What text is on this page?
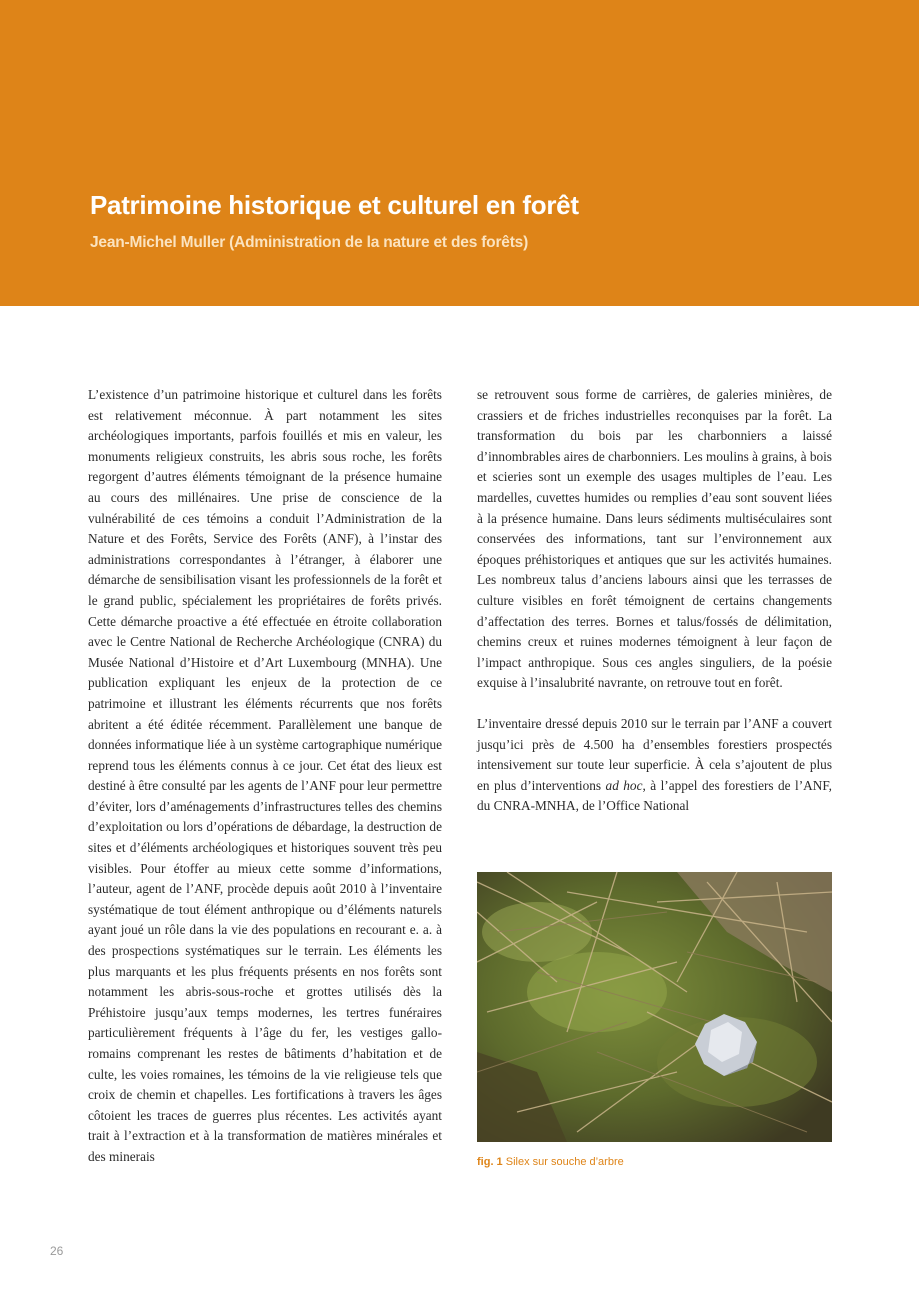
Patrimoine historique et culturel en forêt

Jean-Michel Muller (Administration de la nature et des forêts)

L’existence d’un patrimoine historique et culturel dans les forêts est relativement méconnue. À part notamment les sites archéologiques importants, parfois fouillés et mis en valeur, les monuments religieux construits, les abris sous roche, les forêts regorgent d’autres éléments témoignant de la présence humaine au cours des millénaires. Une prise de conscience de la vulnérabilité de ces témoins a conduit l’Administration de la Nature et des Forêts, Service des Forêts (ANF), à l’instar des administrations correspondantes à l’étranger, à élaborer une démarche de sensibilisation visant les professionnels de la forêt et le grand public, spécialement les propriétaires de forêts privés. Cette démarche proactive a été effectuée en étroite collaboration avec le Centre National de Recherche Archéologique (CNRA) du Musée National d’Histoire et d’Art Luxembourg (MNHA). Une publication expliquant les enjeux de la protection de ce patrimoine et illustrant les éléments récurrents que nos forêts abritent a été éditée récemment. Parallèlement une banque de données informatique liée à un système cartographique numérique reprend tous les éléments connus à ce jour. Cet état des lieux est destiné à être consulté par les agents de l’ANF pour leur permettre d’éviter, lors d’aménagements d’infrastructures telles des chemins d’exploitation ou lors d’opérations de débardage, la destruction de sites et d’éléments archéologiques et historiques souvent très peu visibles. Pour étoffer au mieux cette somme d’informations, l’auteur, agent de l’ANF, procède depuis août 2010 à l’inventaire systématique de tout élément anthropique ou d’éléments naturels ayant joué un rôle dans la vie des populations en recourant e. a. à des prospections systématiques sur le terrain. Les éléments les plus marquants et les plus fréquents présents en nos forêts sont notamment les abris-sous-roche et grottes utilisés dès la Préhistoire jusqu’aux temps modernes, les tertres funéraires particulièrement fréquents à l’âge du fer, les vestiges gallo-romains comprenant les restes de bâtiments d’habitation et de culte, les voies romaines, les témoins de la vie religieuse tels que croix de chemin et chapelles. Les fortifications à travers les âges côtoient les traces de guerres plus récentes. Les activités ayant trait à l’extraction et à la transformation de matières minérales et des minerais

se retrouvent sous forme de carrières, de galeries minières, de crassiers et de friches industrielles reconquises par la forêt. La transformation du bois par les charbonniers a laissé d’innombrables aires de charbonniers. Les moulins à grains, à bois et scieries sont un exemple des usages multiples de l’eau. Les mardelles, cuvettes humides ou remplies d’eau sont souvent liées à la présence humaine. Dans leurs sédiments multiséculaires sont conservées des informations, tant sur l’environnement aux époques préhistoriques et antiques que sur les activités humaines. Les nombreux talus d’anciens labours ainsi que les terrasses de culture visibles en forêt témoignent de certains changements d’affectation des terres. Bornes et talus/fossés de délimitation, chemins creux et ruines modernes témoignent à leur façon de l’impact anthropique. Sous ces angles singuliers, de la poésie exquise à l’insalubrité navrante, on retrouve tout en forêt.

L’inventaire dressé depuis 2010 sur le terrain par l’ANF a couvert jusqu’ici près de 4.500 ha d’ensembles forestiers prospectés intensivement sur toute leur superficie. À cela s’ajoutent de plus en plus d’interventions ad hoc, à l’appel des forestiers de l’ANF, du CNRA-MNHA, de l’Office National

fig. 1 Silex sur souche d’arbre
26
